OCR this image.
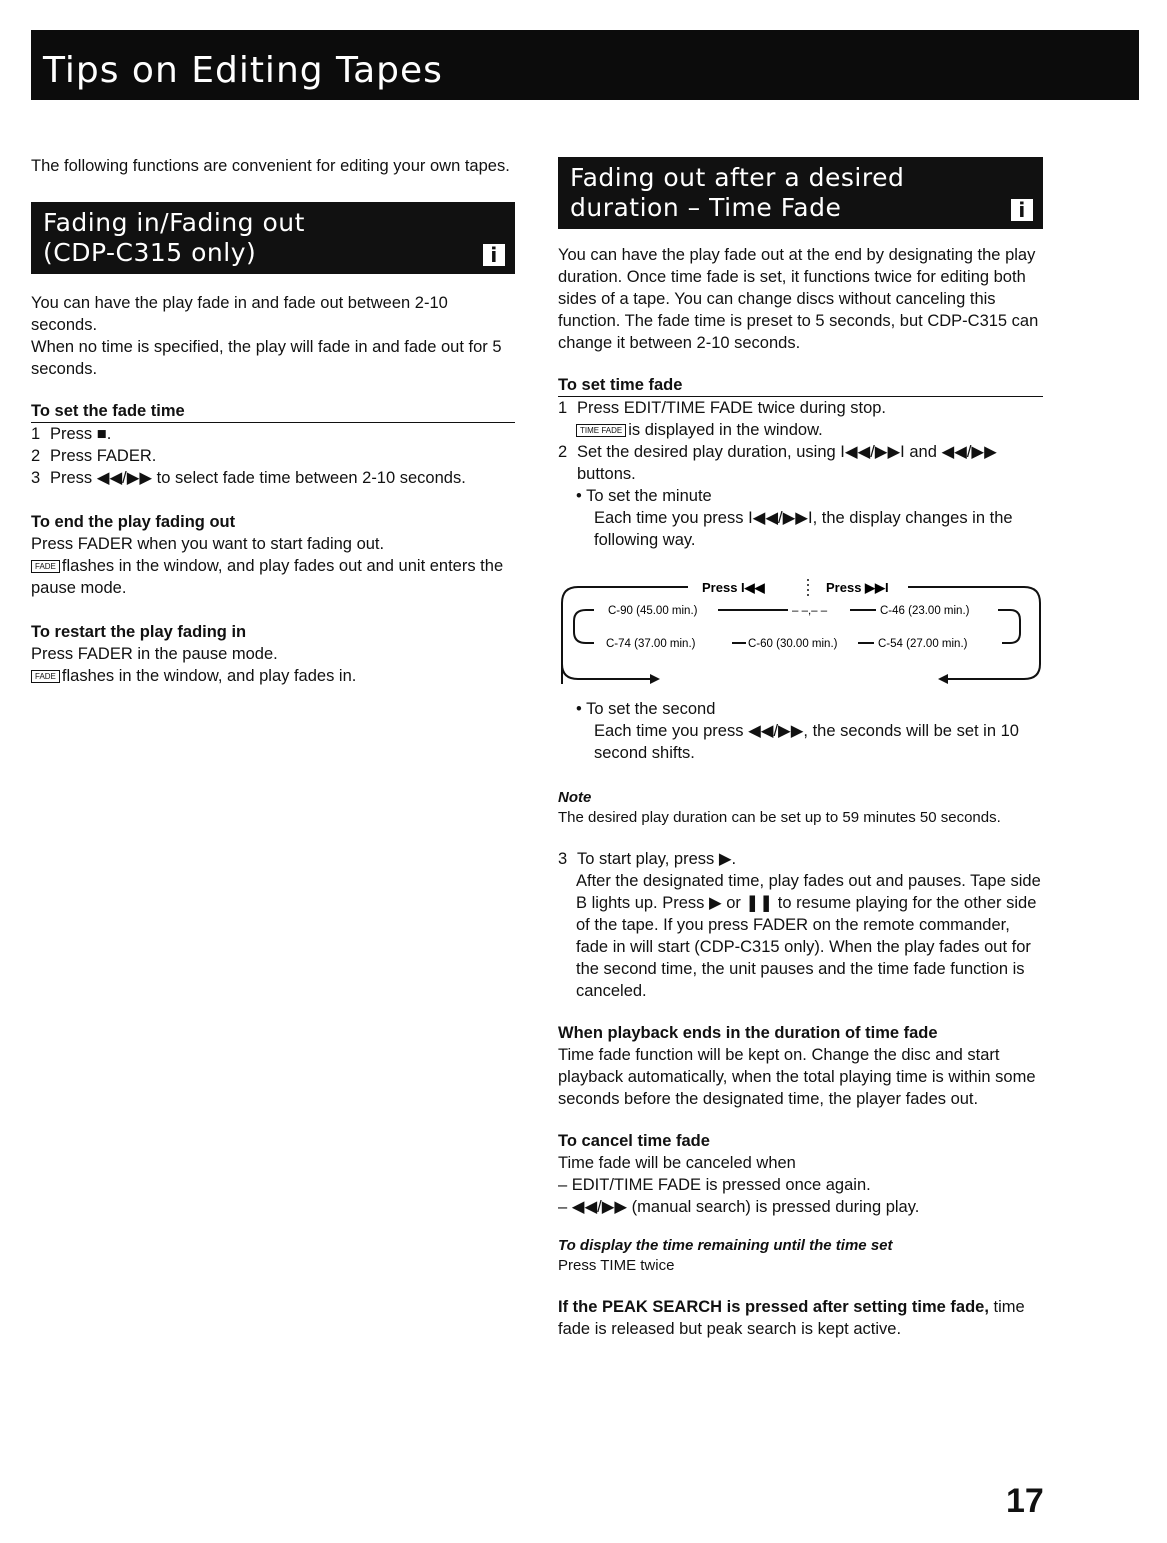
Tips on Editing Tapes

The following functions are convenient for editing your own tapes.

Fading in/Fading out
(CDP-C315 only)	i

You can have the play fade in and fade out between 2-10 seconds.

When no time is specified, the play will fade in and fade out for 5 seconds.

To set the fade time
1 Press ■.
2 Press FADER.
3 Press ◀◀/▶▶ to select fade time between 2-10 seconds.
To end the play fading out

Press FADER when you want to start fading out.

FADE flashes in the window, and play fades out and unit enters the pause mode.

To restart the play fading in

Press FADER in the pause mode.

FADE flashes in the window, and play fades in.

Fading out after a desired
duration – Time Fade	i

You can have the play fade out at the end by designating the play duration. Once time fade is set, it functions twice for editing both sides of a tape. You can change discs without canceling this function. The fade time is preset to 5 seconds, but CDP-C315 can change it between 2-10 seconds.

To set time fade
1 Press EDIT/TIME FADE twice during stop.

TIME FADE is displayed in the window.

2 Set the desired play duration, using I◀◀/▶▶I and ◀◀/▶▶ buttons.

• To set the minute

Each time you press I◀◀/▶▶I, the display changes in the following way.

Press I◀◀	Press ▶▶I
C-90 (45.00 min.)	– –,– –	C-46 (23.00 min.)
C-74 (37.00 min.)	C-60 (30.00 min.)	C-54 (27.00 min.)

• To set the second

Each time you press ◀◀/▶▶, the seconds will be set in 10 second shifts.

Note

The desired play duration can be set up to 59 minutes 50 seconds.

3 To start play, press ▶.

After the designated time, play fades out and pauses. Tape side B lights up. Press ▶ or ❚❚ to resume playing for the other side of the tape. If you press FADER on the remote commander, fade in will start (CDP-C315 only). When the play fades out for the second time, the unit pauses and the time fade function is canceled.

When playback ends in the duration of time fade

Time fade function will be kept on. Change the disc and start playback automatically, when the total playing time is within some seconds before the designated time, the player fades out.

To cancel time fade

Time fade will be canceled when

– EDIT/TIME FADE is pressed once again.

– ◀◀/▶▶ (manual search) is pressed during play.

To display the time remaining until the time set

Press TIME twice

If the PEAK SEARCH is pressed after setting time fade, time fade is released but peak search is kept active.

17
